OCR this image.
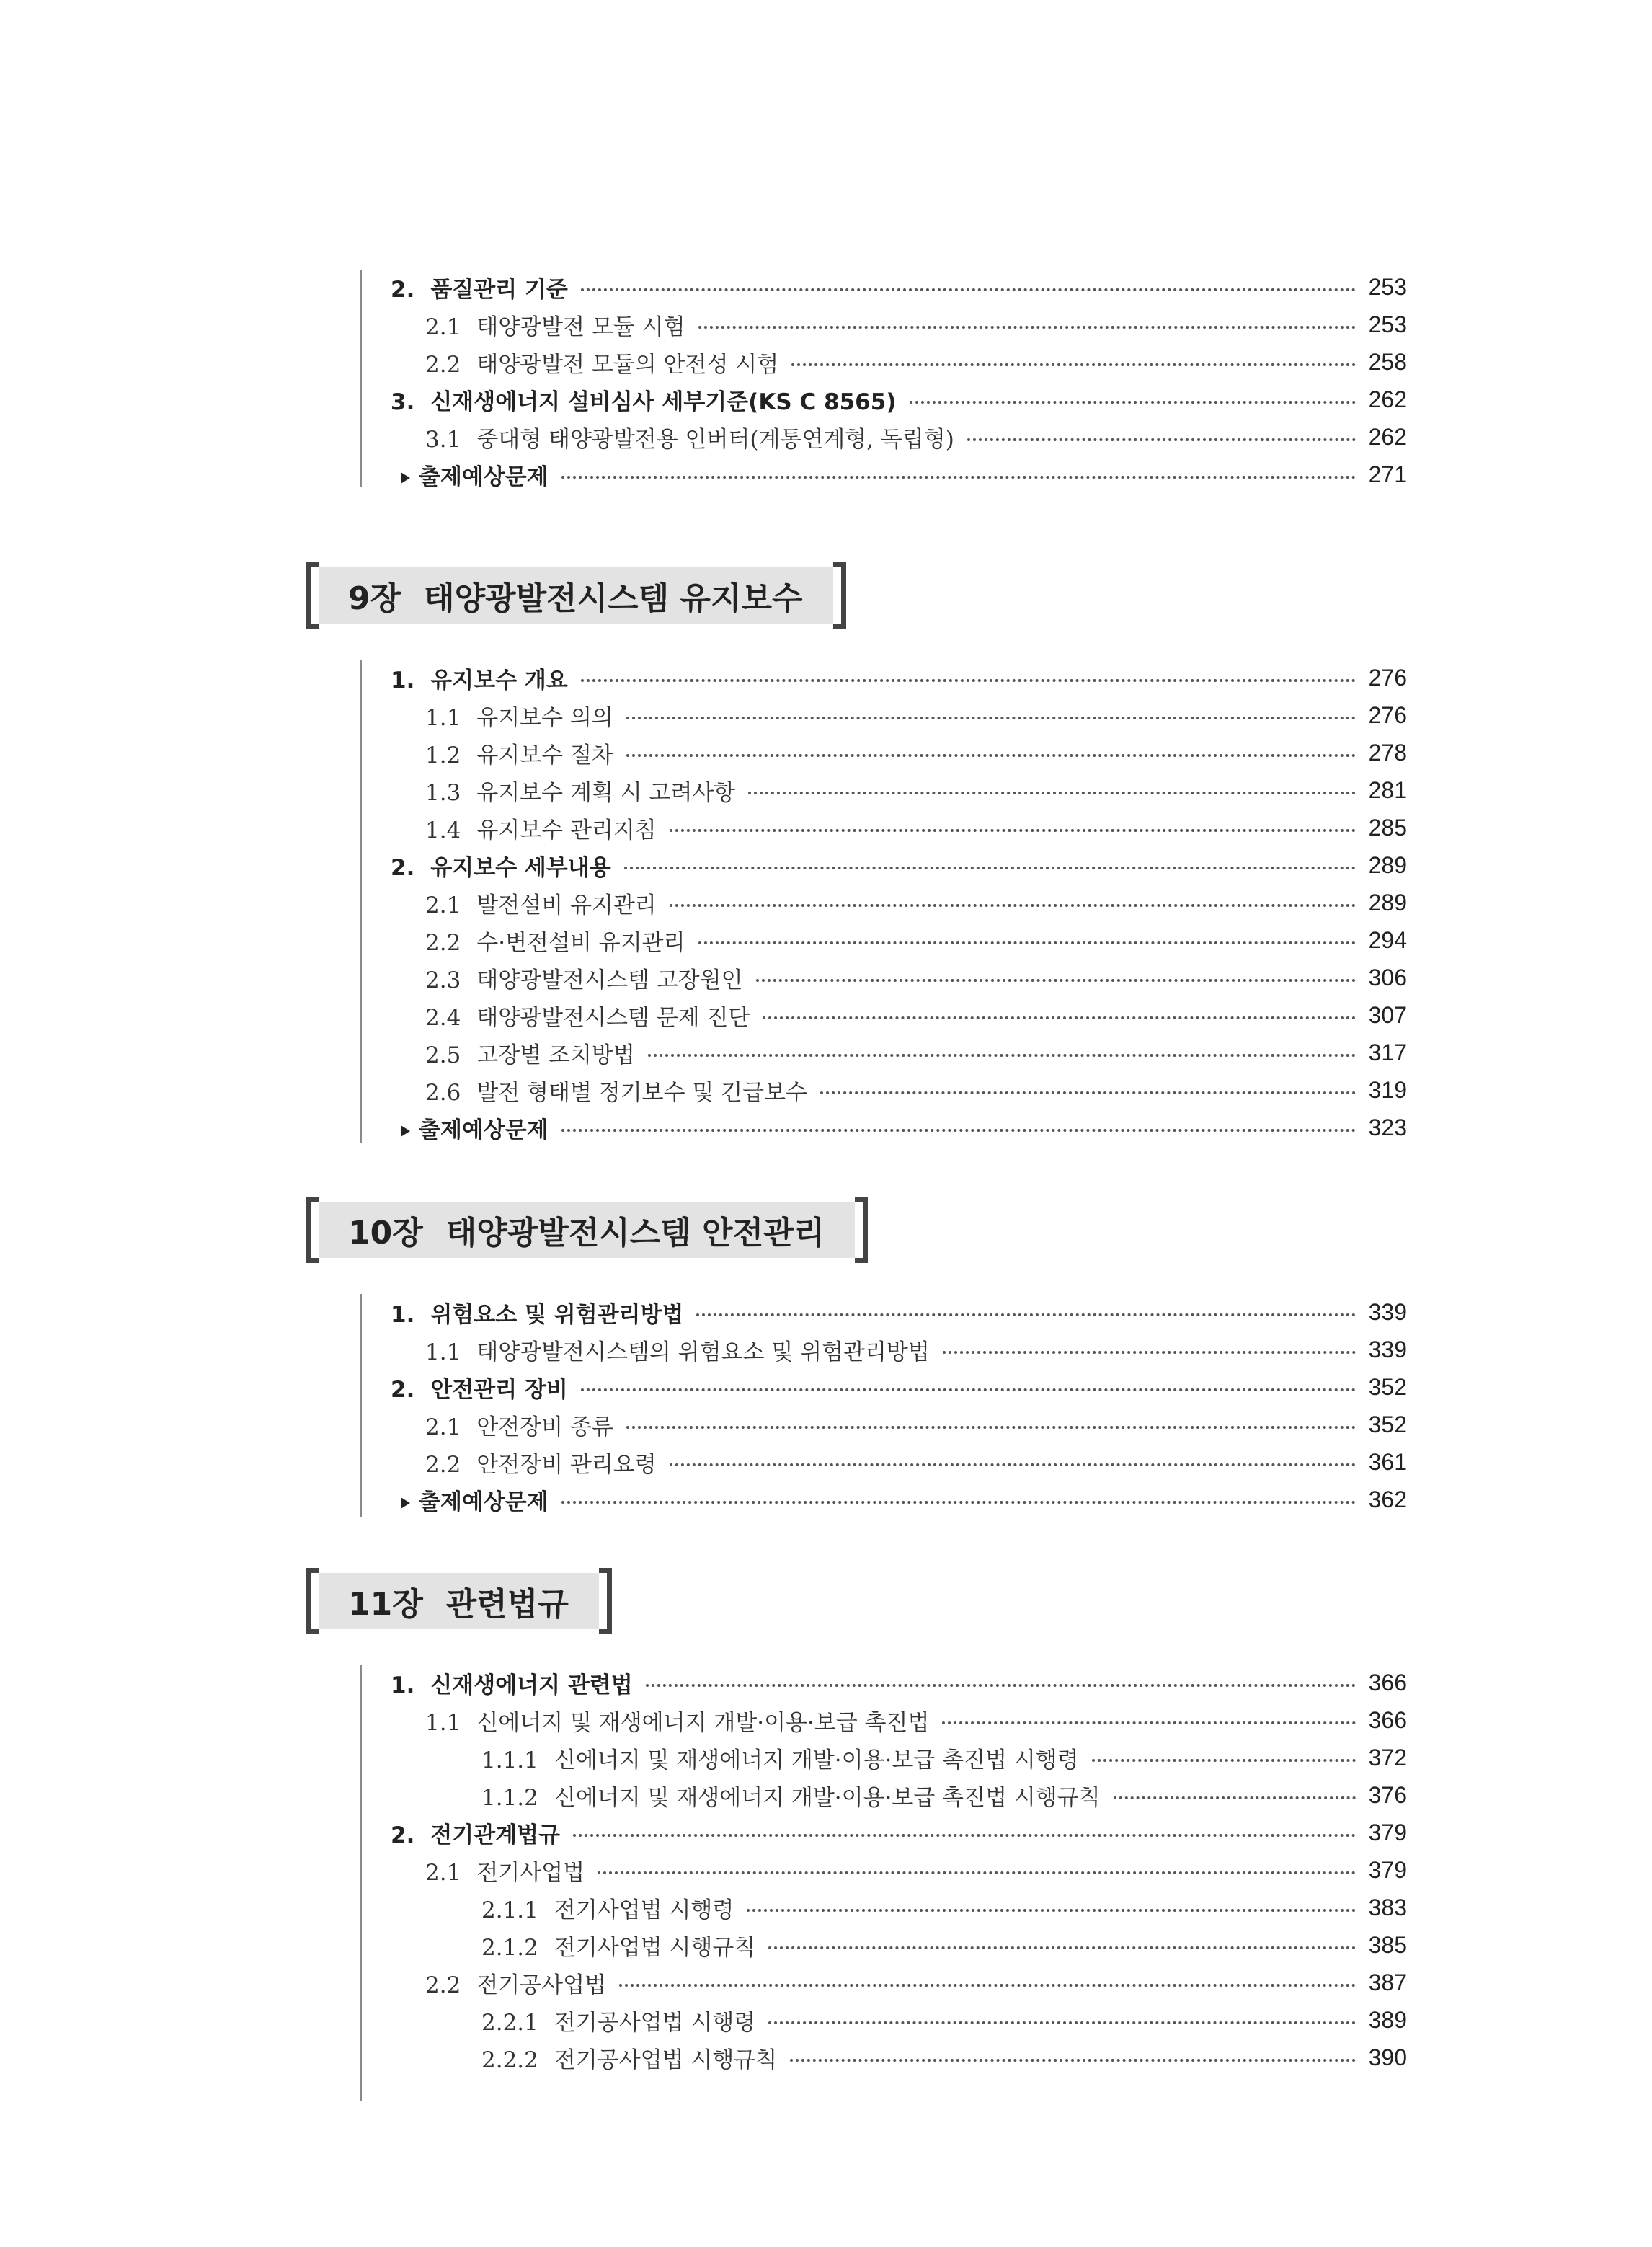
2. 품질관리 기준	253
2.1 태양광발전 모듈 시험	253
2.2 태양광발전 모듈의 안전성 시험	258
3. 신재생에너지 설비심사 세부기준(KS C 8565)	262
3.1 중대형 태양광발전용 인버터(계통연계형, 독립형)	262
출제예상문제	271
9장 태양광발전시스템 유지보수
1. 유지보수 개요	276
1.1 유지보수 의의	276
1.2 유지보수 절차	278
1.3 유지보수 계획 시 고려사항	281
1.4 유지보수 관리지침	285
2. 유지보수 세부내용	289
2.1 발전설비 유지관리	289
2.2 수·변전설비 유지관리	294
2.3 태양광발전시스템 고장원인	306
2.4 태양광발전시스템 문제 진단	307
2.5 고장별 조치방법	317
2.6 발전 형태별 정기보수 및 긴급보수	319
출제예상문제	323
10장 태양광발전시스템 안전관리
1. 위험요소 및 위험관리방법	339
1.1 태양광발전시스템의 위험요소 및 위험관리방법	339
2. 안전관리 장비	352
2.1 안전장비 종류	352
2.2 안전장비 관리요령	361
출제예상문제	362
11장 관련법규
1. 신재생에너지 관련법	366
1.1 신에너지 및 재생에너지 개발·이용·보급 촉진법	366
1.1.1 신에너지 및 재생에너지 개발·이용·보급 촉진법 시행령	372
1.1.2 신에너지 및 재생에너지 개발·이용·보급 촉진법 시행규칙	376
2. 전기관계법규	379
2.1 전기사업법	379
2.1.1 전기사업법 시행령	383
2.1.2 전기사업법 시행규칙	385
2.2 전기공사업법	387
2.2.1 전기공사업법 시행령	389
2.2.2 전기공사업법 시행규칙	390
